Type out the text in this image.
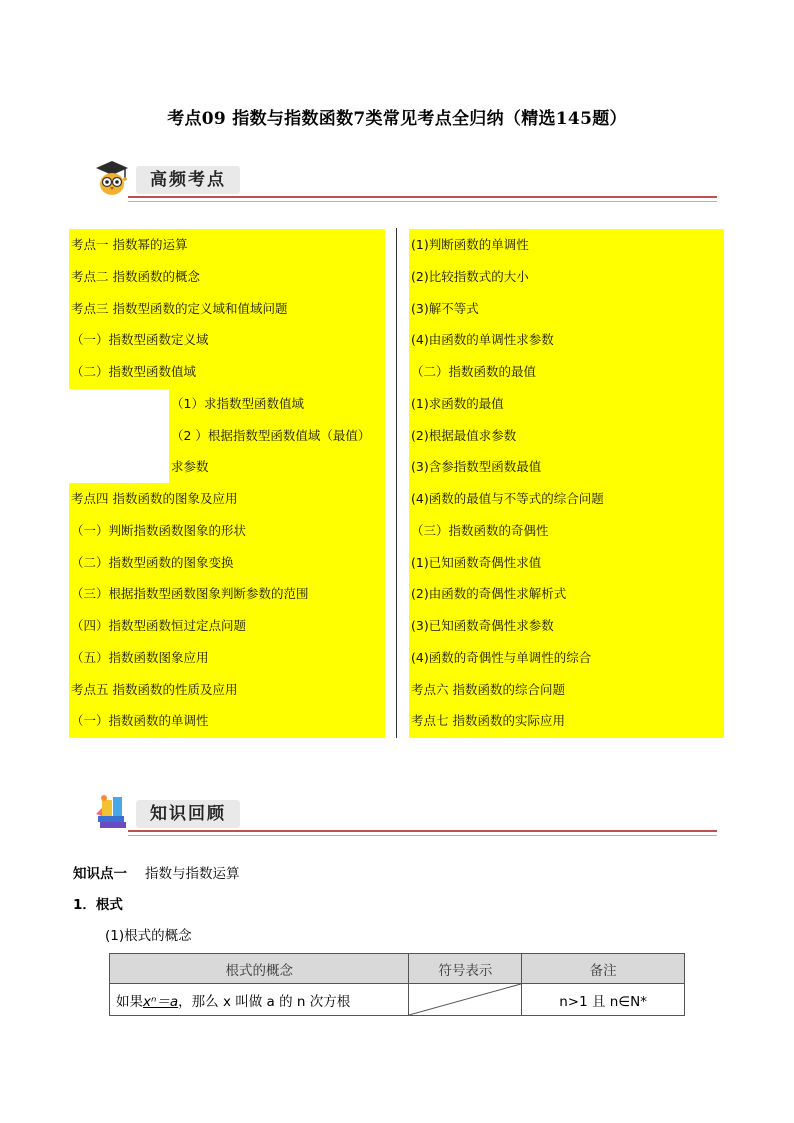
考点09 指数与指数函数7类常见考点全归纳（精选145题）
高频考点
考点一 指数幂的运算
考点二 指数函数的概念
考点三 指数型函数的定义域和值域问题
（一）指数型函数定义域
（二）指数型函数值域
（1）求指数型函数值域
（2 ）根据指数型函数值域（最值）
求参数
考点四 指数函数的图象及应用
（一）判断指数函数图象的形状
（二）指数型函数的图象变换
（三）根据指数型函数图象判断参数的范围
（四）指数型函数恒过定点问题
（五）指数函数图象应用
考点五 指数函数的性质及应用
（一）指数函数的单调性
(1)判断函数的单调性
(2)比较指数式的大小
(3)解不等式
(4)由函数的单调性求参数
（二）指数函数的最值
(1)求函数的最值
(2)根据最值求参数
(3)含参指数型函数最值
(4)函数的最值与不等式的综合问题
（三）指数函数的奇偶性
(1)已知函数奇偶性求值
(2)由函数的奇偶性求解析式
(3)已知函数奇偶性求参数
(4)函数的奇偶性与单调性的综合
考点六 指数函数的综合问题
考点七 指数函数的实际应用
知识回顾
知识点一 指数与指数运算
1．根式
(1)根式的概念
根式的概念	符号表示	备注
如果xⁿ＝a，那么 x 叫做 a 的 n 次方根		n>1 且 n∈N*
